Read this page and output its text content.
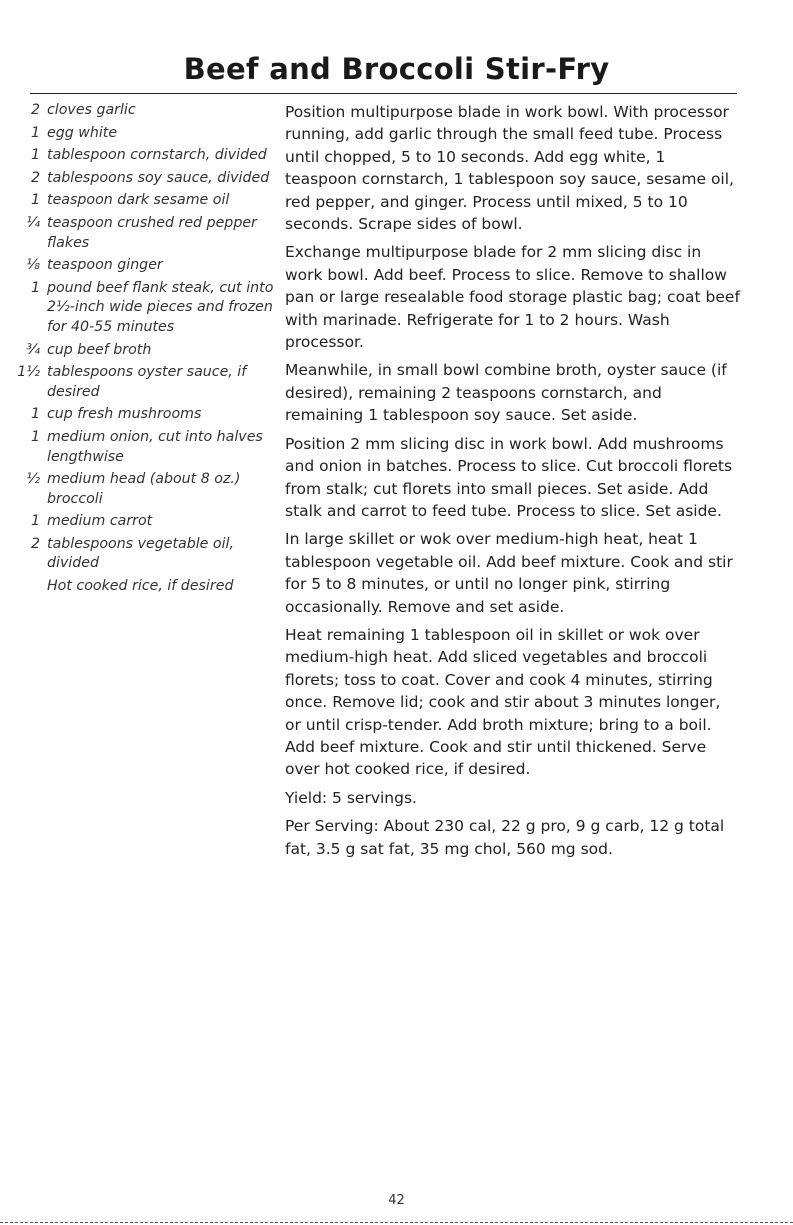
Beef and Broccoli Stir-Fry
2 cloves garlic
1 egg white
1 tablespoon cornstarch, divided
2 tablespoons soy sauce, divided
1 teaspoon dark sesame oil
¼ teaspoon crushed red pepper flakes
⅛ teaspoon ginger
1 pound beef flank steak, cut into 2½-inch wide pieces and frozen for 40-55 minutes
¾ cup beef broth
1½ tablespoons oyster sauce, if desired
1 cup fresh mushrooms
1 medium onion, cut into halves lengthwise
½ medium head (about 8 oz.) broccoli
1 medium carrot
2 tablespoons vegetable oil, divided
Hot cooked rice, if desired

Position multipurpose blade in work bowl. With processor running, add garlic through the small feed tube. Process until chopped, 5 to 10 seconds. Add egg white, 1 teaspoon cornstarch, 1 tablespoon soy sauce, sesame oil, red pepper, and ginger. Process until mixed, 5 to 10 seconds. Scrape sides of bowl.

Exchange multipurpose blade for 2 mm slicing disc in work bowl. Add beef. Process to slice. Remove to shallow pan or large resealable food storage plastic bag; coat beef with marinade. Refrigerate for 1 to 2 hours. Wash processor.

Meanwhile, in small bowl combine broth, oyster sauce (if desired), remaining 2 teaspoons cornstarch, and remaining 1 tablespoon soy sauce. Set aside.

Position 2 mm slicing disc in work bowl. Add mushrooms and onion in batches. Process to slice. Cut broccoli florets from stalk; cut florets into small pieces. Set aside. Add stalk and carrot to feed tube. Process to slice. Set aside.

In large skillet or wok over medium-high heat, heat 1 tablespoon vegetable oil. Add beef mixture. Cook and stir for 5 to 8 minutes, or until no longer pink, stirring occasionally. Remove and set aside.

Heat remaining 1 tablespoon oil in skillet or wok over medium-high heat. Add sliced vegetables and broccoli florets; toss to coat. Cover and cook 4 minutes, stirring once. Remove lid; cook and stir about 3 minutes longer, or until crisp-tender. Add broth mixture; bring to a boil. Add beef mixture. Cook and stir until thickened. Serve over hot cooked rice, if desired.

Yield: 5 servings.

Per Serving: About 230 cal, 22 g pro, 9 g carb, 12 g total fat, 3.5 g sat fat, 35 mg chol, 560 mg sod.

42
